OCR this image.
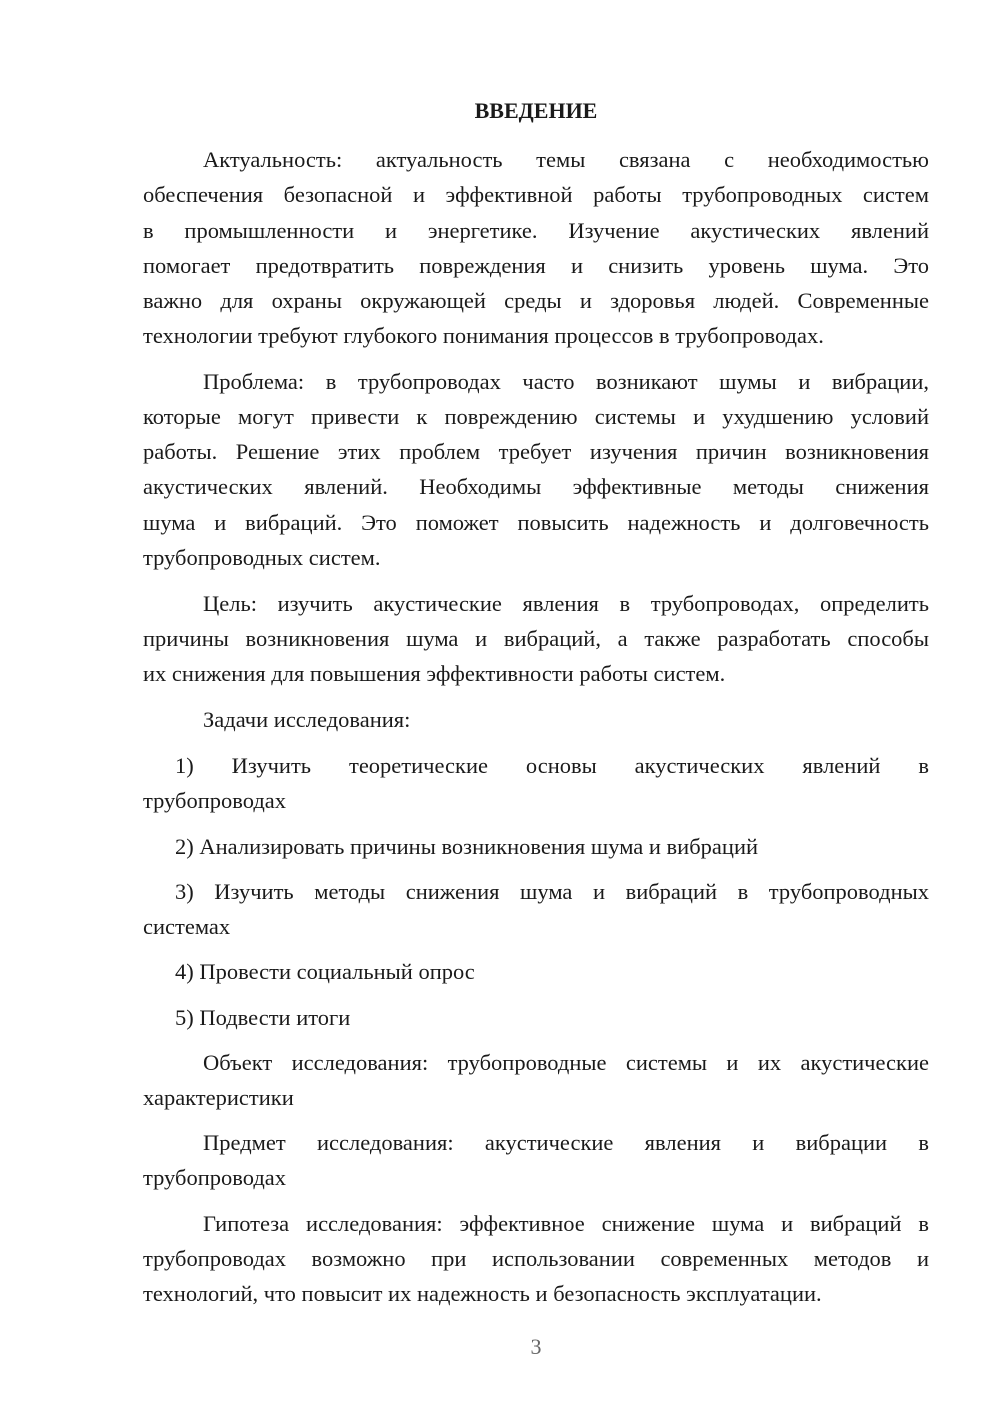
ВВЕДЕНИЕ
Актуальность: актуальность темы связана с необходимостью
обеспечения безопасной и эффективной работы трубопроводных систем
в промышленности и энергетике. Изучение акустических явлений
помогает предотвратить повреждения и снизить уровень шума. Это
важно для охраны окружающей среды и здоровья людей. Современные
технологии требуют глубокого понимания процессов в трубопроводах.
Проблема: в трубопроводах часто возникают шумы и вибрации,
которые могут привести к повреждению системы и ухудшению условий
работы. Решение этих проблем требует изучения причин возникновения
акустических явлений. Необходимы эффективные методы снижения
шума и вибраций. Это поможет повысить надежность и долговечность
трубопроводных систем.
Цель: изучить акустические явления в трубопроводах, определить
причины возникновения шума и вибраций, а также разработать способы
их снижения для повышения эффективности работы систем.
Задачи исследования:
1) Изучить теоретические основы акустических явлений в
трубопроводах
2) Анализировать причины возникновения шума и вибраций
3) Изучить методы снижения шума и вибраций в трубопроводных
системах
4) Провести социальный опрос
5) Подвести итоги
Объект исследования: трубопроводные системы и их акустические
характеристики
Предмет исследования: акустические явления и вибрации в
трубопроводах
Гипотеза исследования: эффективное снижение шума и вибраций в
трубопроводах возможно при использовании современных методов и
технологий, что повысит их надежность и безопасность эксплуатации.
3
